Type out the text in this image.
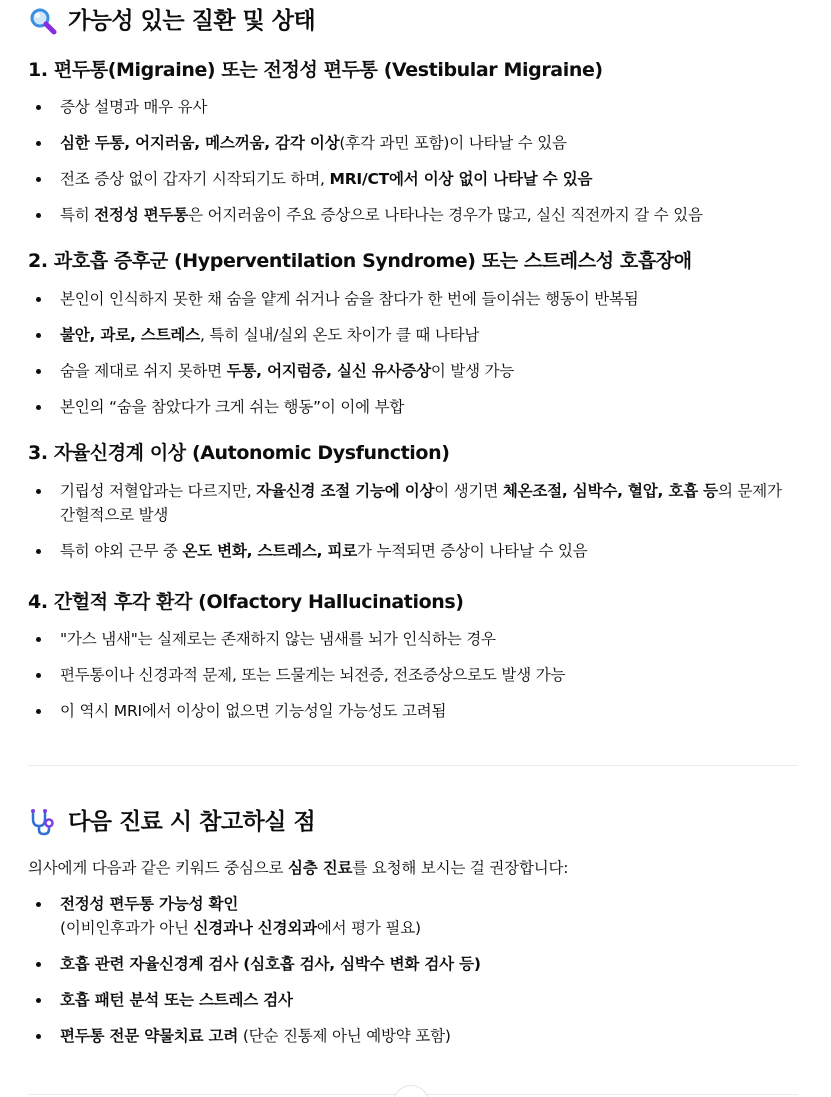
가능성 있는 질환 및 상태
1. 편두통(Migraine) 또는 전정성 편두통 (Vestibular Migraine)
증상 설명과 매우 유사
심한 두통, 어지러움, 메스꺼움, 감각 이상(후각 과민 포함)이 나타날 수 있음
전조 증상 없이 갑자기 시작되기도 하며, MRI/CT에서 이상 없이 나타날 수 있음
특히 전정성 편두통은 어지러움이 주요 증상으로 나타나는 경우가 많고, 실신 직전까지 갈 수 있음
2. 과호흡 증후군 (Hyperventilation Syndrome) 또는 스트레스성 호흡장애
본인이 인식하지 못한 채 숨을 얕게 쉬거나 숨을 참다가 한 번에 들이쉬는 행동이 반복됨
불안, 과로, 스트레스, 특히 실내/실외 온도 차이가 클 때 나타남
숨을 제대로 쉬지 못하면 두통, 어지럼증, 실신 유사증상이 발생 가능
본인의 “숨을 참았다가 크게 쉬는 행동”이 이에 부합
3. 자율신경계 이상 (Autonomic Dysfunction)
기립성 저혈압과는 다르지만, 자율신경 조절 기능에 이상이 생기면 체온조절, 심박수, 혈압, 호흡 등의 문제가 간헐적으로 발생
특히 야외 근무 중 온도 변화, 스트레스, 피로가 누적되면 증상이 나타날 수 있음
4. 간헐적 후각 환각 (Olfactory Hallucinations)
"가스 냄새"는 실제로는 존재하지 않는 냄새를 뇌가 인식하는 경우
편두통이나 신경과적 문제, 또는 드물게는 뇌전증, 전조증상으로도 발생 가능
이 역시 MRI에서 이상이 없으면 기능성일 가능성도 고려됨
다음 진료 시 참고하실 점
의사에게 다음과 같은 키워드 중심으로 심층 진료를 요청해 보시는 걸 권장합니다:
전정성 편두통 가능성 확인
(이비인후과가 아닌 신경과나 신경외과에서 평가 필요)
호흡 관련 자율신경계 검사 (심호흡 검사, 심박수 변화 검사 등)
호흡 패턴 분석 또는 스트레스 검사
편두통 전문 약물치료 고려 (단순 진통제 아닌 예방약 포함)
